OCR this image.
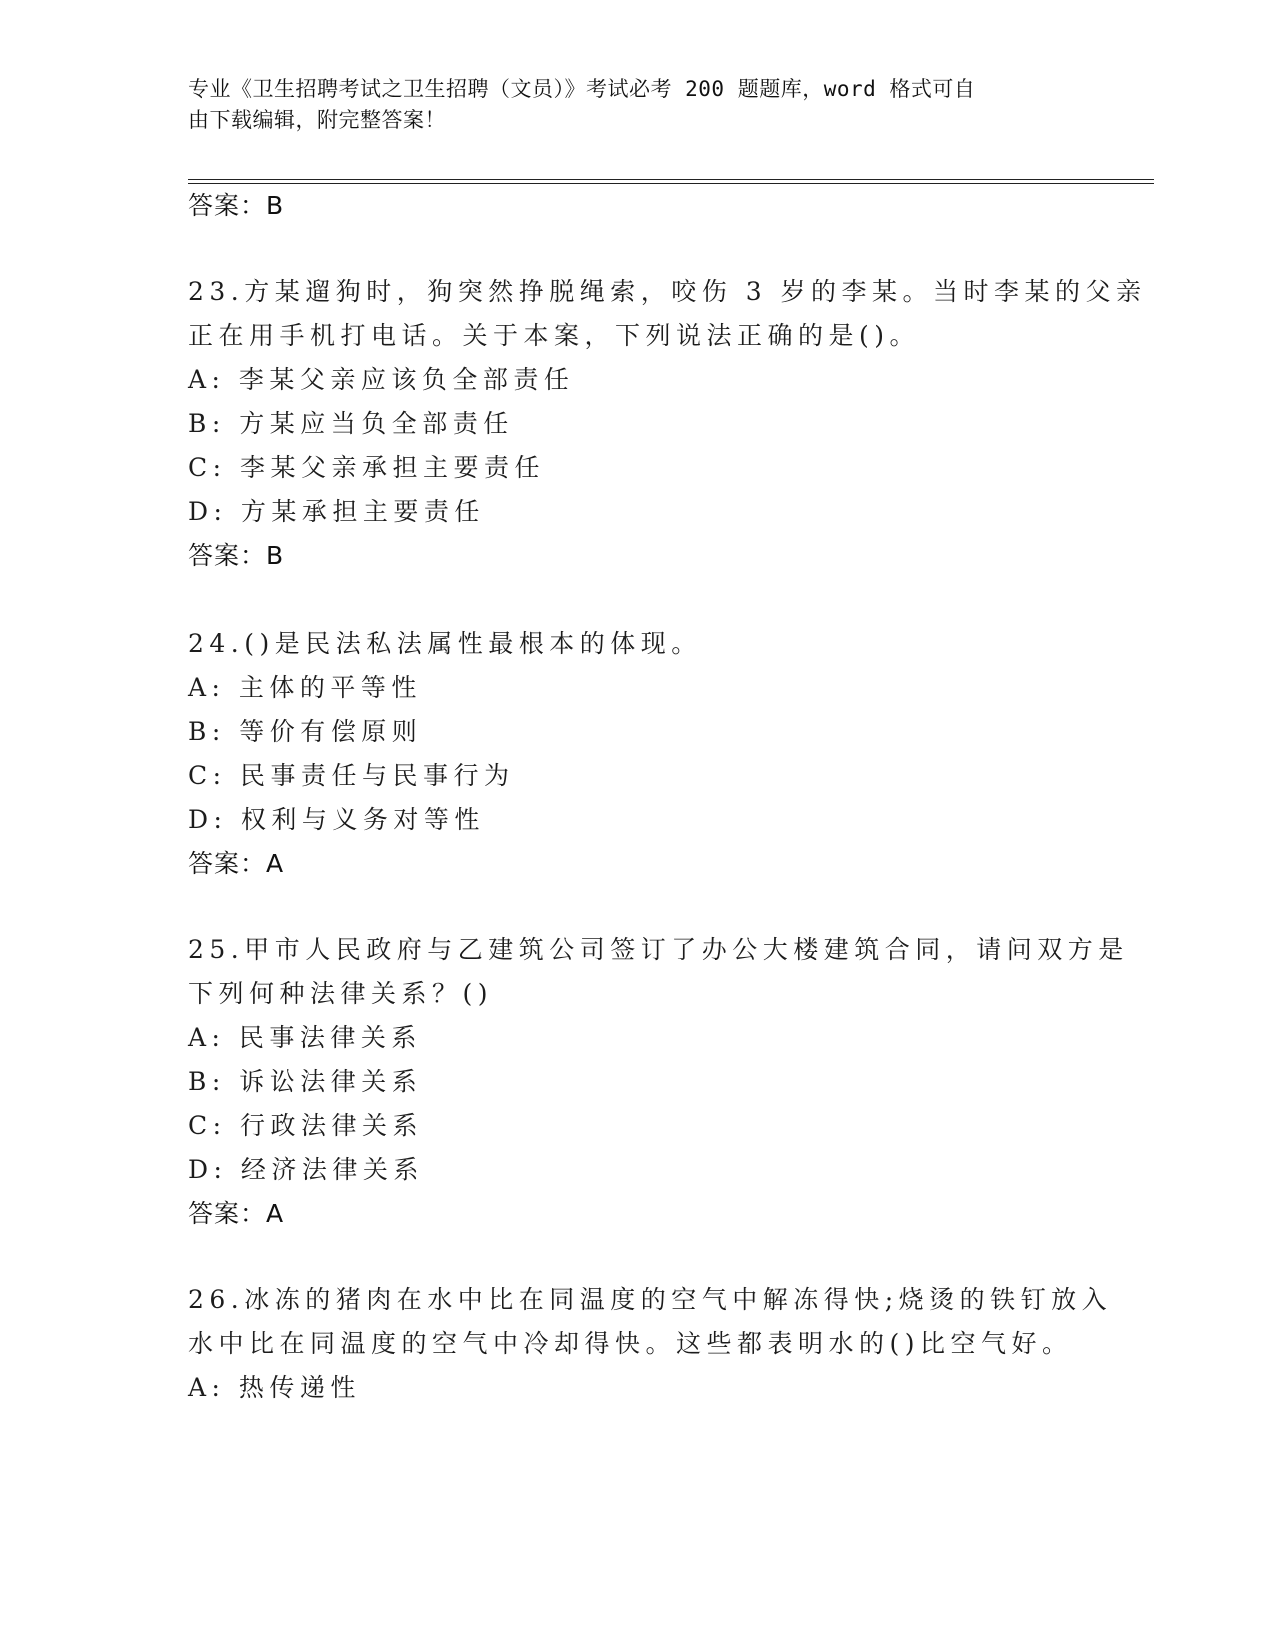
专业《卫生招聘考试之卫生招聘（文员）》考试必考 200 题题库，word 格式可自
由下载编辑，附完整答案！
答案：B
23.方某遛狗时，狗突然挣脱绳索，咬伤 3 岁的李某。当时李某的父亲
正在用手机打电话。关于本案，下列说法正确的是()。
A: 李某父亲应该负全部责任
B: 方某应当负全部责任
C: 李某父亲承担主要责任
D: 方某承担主要责任
答案：B
24.()是民法私法属性最根本的体现。
A: 主体的平等性
B: 等价有偿原则
C: 民事责任与民事行为
D: 权利与义务对等性
答案：A
25.甲市人民政府与乙建筑公司签订了办公大楼建筑合同，请问双方是
下列何种法律关系？()
A: 民事法律关系
B: 诉讼法律关系
C: 行政法律关系
D: 经济法律关系
答案：A
26.冰冻的猪肉在水中比在同温度的空气中解冻得快;烧烫的铁钉放入
水中比在同温度的空气中冷却得快。这些都表明水的()比空气好。
A: 热传递性
